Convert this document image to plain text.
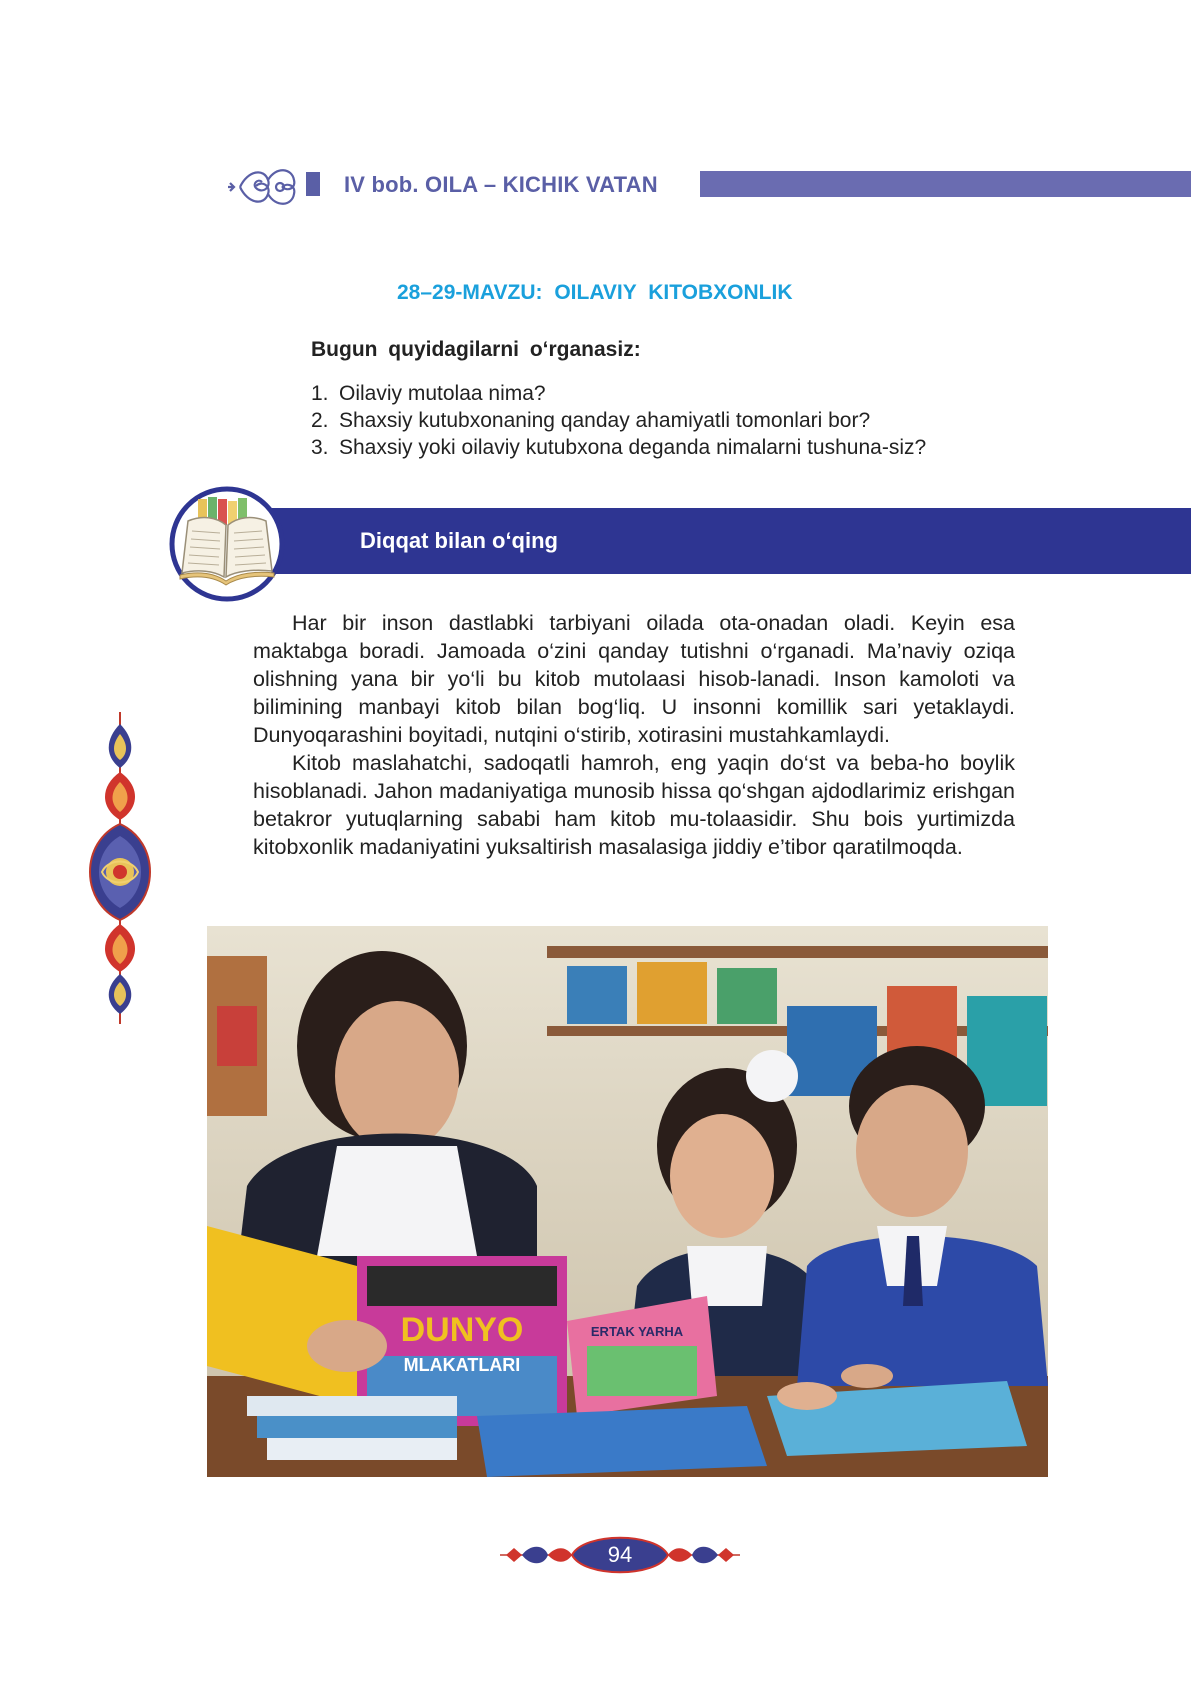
IV bob. OILA – KICHIK VATAN
28–29-MAVZU: OILAVIY KITOBXONLIK
Bugun quyidagilarni o‘rganasiz:
1. Oilaviy mutolaa nima?
2. Shaxsiy kutubxonaning qanday ahamiyatli tomonlari bor?
3. Shaxsiy yoki oilaviy kutubxona deganda nimalarni tushuna-siz?
Diqqat bilan o‘qing

Har bir inson dastlabki tarbiyani oilada ota-onadan oladi. Keyin esa maktabga boradi. Jamoada o‘zini qanday tutishni o‘rganadi. Ma’naviy oziqa olishning yana bir yo‘li bu kitob mutolaasi hisob-lanadi. Inson kamoloti va bilimining manbayi kitob bilan bog‘liq. U insonni komillik sari yetaklaydi. Dunyoqarashini boyitadi, nutqini o‘stirib, xotirasini mustahkamlaydi.

Kitob maslahatchi, sadoqatli hamroh, eng yaqin do‘st va beba-ho boylik hisoblanadi. Jahon madaniyatiga munosib hissa qo‘shgan ajdodlarimiz erishgan betakror yutuqlarning sababi ham kitob mu-tolaasidir. Shu bois yurtimizda kitobxonlik madaniyatini yuksaltirish masalasiga jiddiy e’tibor qaratilmoqda.

DUNYO
MLAKATLARI
ERTAK YARHA
94
